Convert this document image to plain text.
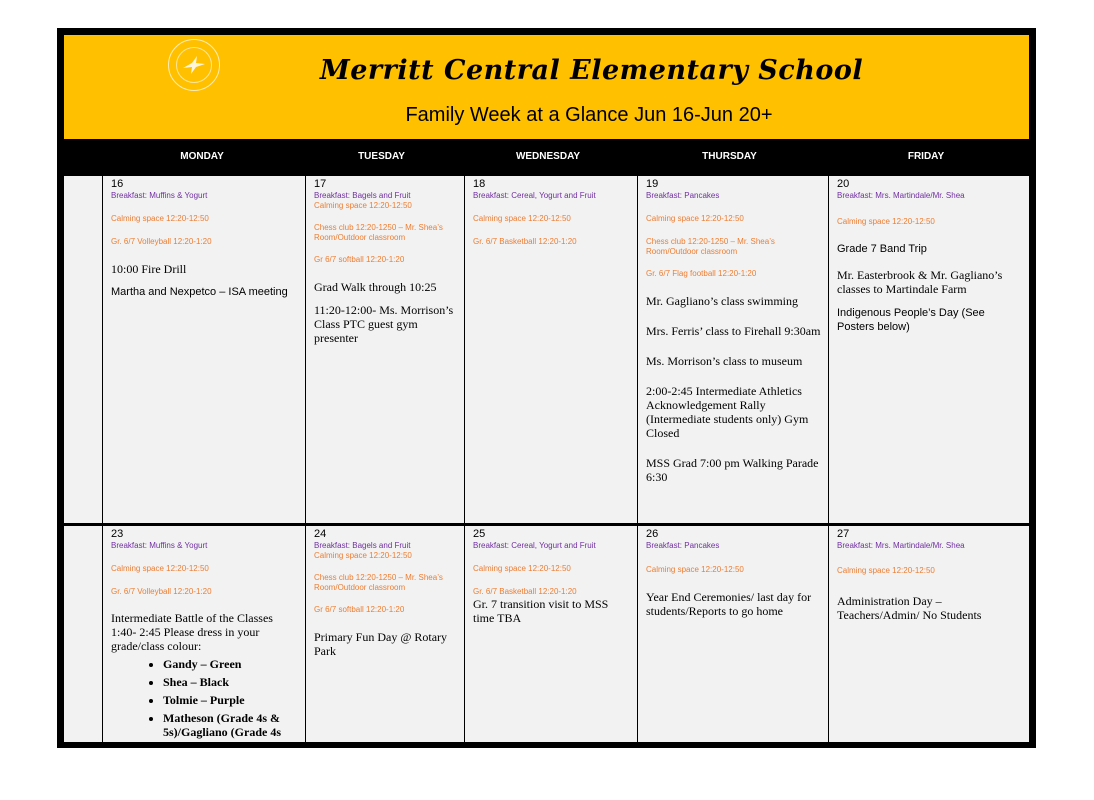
Merritt Central Elementary School
Family Week at a Glance Jun 16-Jun 20+
MONDAY	TUESDAY	WEDNESDAY	THURSDAY	FRIDAY
16
Breakfast: Muffins & Yogurt
Calming space 12:20-12:50
Gr. 6/7 Volleyball 12:20-1:20
10:00 Fire Drill
Martha and Nexpetco – ISA meeting
17
Breakfast: Bagels and Fruit
Calming space 12:20-12:50
Chess club 12:20-1250 – Mr. Shea’s Room/Outdoor classroom
Gr 6/7 softball 12:20-1:20
Grad Walk through 10:25
11:20-12:00- Ms. Morrison’s Class PTC guest gym presenter
18
Breakfast: Cereal, Yogurt and Fruit
Calming space 12:20-12:50
Gr. 6/7 Basketball 12:20-1:20
19
Breakfast: Pancakes
Calming space 12:20-12:50
Chess club 12:20-1250 – Mr. Shea’s Room/Outdoor classroom
Gr. 6/7 Flag football 12:20-1:20
Mr. Gagliano’s class swimming
Mrs. Ferris’ class to Firehall 9:30am
Ms. Morrison’s class to museum
2:00-2:45 Intermediate Athletics Acknowledgement Rally (Intermediate students only) Gym Closed
MSS Grad 7:00 pm Walking Parade 6:30
20
Breakfast: Mrs. Martindale/Mr. Shea
Calming space 12:20-12:50
Grade 7 Band Trip
Mr. Easterbrook & Mr. Gagliano’s classes to Martindale Farm
Indigenous People’s Day (See Posters below)
23
Breakfast: Muffins & Yogurt
Calming space 12:20-12:50
Gr. 6/7 Volleyball 12:20-1:20
Intermediate Battle of the Classes 1:40- 2:45 Please dress in your grade/class colour:
• Gandy – Green
• Shea – Black
• Tolmie – Purple
• Matheson (Grade 4s & 5s)/Gagliano (Grade 4s
24
Breakfast: Bagels and Fruit
Calming space 12:20-12:50
Chess club 12:20-1250 – Mr. Shea’s Room/Outdoor classroom
Gr 6/7 softball 12:20-1:20
Primary Fun Day @ Rotary Park
25
Breakfast: Cereal, Yogurt and Fruit
Calming space 12:20-12:50
Gr. 6/7 Basketball 12:20-1:20
Gr. 7 transition visit to MSS time TBA
26
Breakfast: Pancakes
Calming space 12:20-12:50
Year End Ceremonies/ last day for students/Reports to go home
27
Breakfast: Mrs. Martindale/Mr. Shea
Calming space 12:20-12:50
Administration Day – Teachers/Admin/ No Students
